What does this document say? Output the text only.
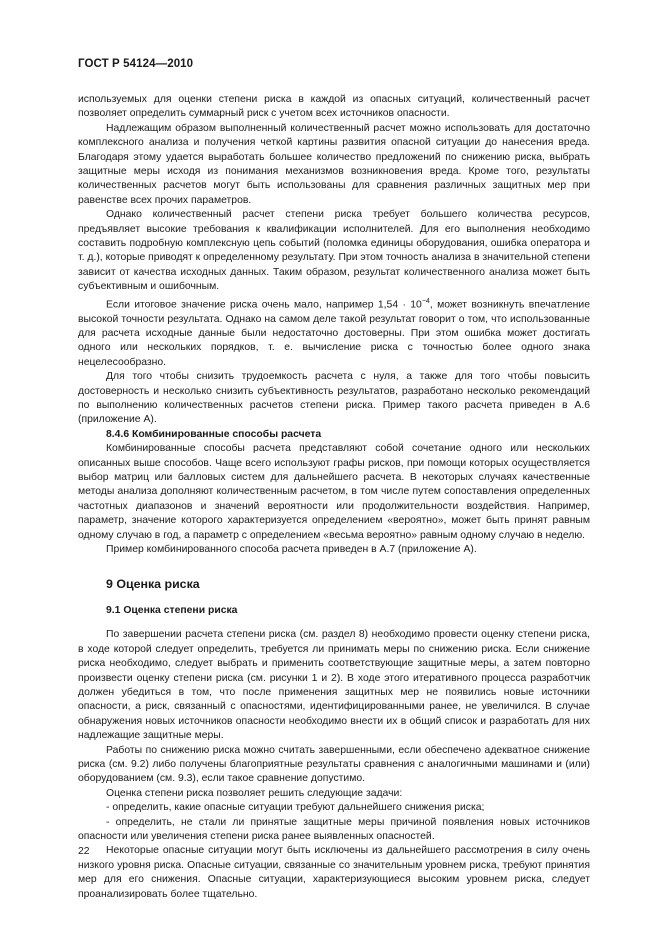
ГОСТ Р 54124—2010

используемых для оценки степени риска в каждой из опасных ситуаций, количественный расчет позволяет определить суммарный риск с учетом всех источников опасности.

Надлежащим образом выполненный количественный расчет можно использовать для достаточно комплексного анализа и получения четкой картины развития опасной ситуации до нанесения вреда. Благодаря этому удается выработать большее количество предложений по снижению риска, выбрать защитные меры исходя из понимания механизмов возникновения вреда. Кроме того, результаты количественных расчетов могут быть использованы для сравнения различных защитных мер при равенстве всех прочих параметров.

Однако количественный расчет степени риска требует большего количества ресурсов, предъявляет высокие требования к квалификации исполнителей. Для его выполнения необходимо составить подробную комплексную цепь событий (поломка единицы оборудования, ошибка оператора и т. д.), которые приводят к определенному результату. При этом точность анализа в значительной степени зависит от качества исходных данных. Таким образом, результат количественного анализа может быть субъективным и ошибочным.

Если итоговое значение риска очень мало, например $1,54 \cdot 10^{-4}$, может возникнуть впечатление высокой точности результата. Однако на самом деле такой результат говорит о том, что использованные для расчета исходные данные были недостаточно достоверны. При этом ошибка может достигать одного или нескольких порядков, т. е. вычисление риска с точностью более одного знака нецелесообразно.

Для того чтобы снизить трудоемкость расчета с нуля, а также для того чтобы повысить достоверность и несколько снизить субъективность результатов, разработано несколько рекомендаций по выполнению количественных расчетов степени риска. Пример такого расчета приведен в А.6 (приложение А).

8.4.6 Комбинированные способы расчета

Комбинированные способы расчета представляют собой сочетание одного или нескольких описанных выше способов. Чаще всего используют графы рисков, при помощи которых осуществляется выбор матриц или балловых систем для дальнейшего расчета. В некоторых случаях качественные методы анализа дополняют количественным расчетом, в том числе путем сопоставления определенных частотных диапазонов и значений вероятности или продолжительности воздействия. Например, параметр, значение которого характеризуется определением «вероятно», может быть принят равным одному случаю в год, а параметр с определением «весьма вероятно» равным одному случаю в неделю.

Пример комбинированного способа расчета приведен в А.7 (приложение А).

9 Оценка риска

9.1 Оценка степени риска

По завершении расчета степени риска (см. раздел 8) необходимо провести оценку степени риска, в ходе которой следует определить, требуется ли принимать меры по снижению риска. Если снижение риска необходимо, следует выбрать и применить соответствующие защитные меры, а затем повторно произвести оценку степени риска (см. рисунки 1 и 2). В ходе этого итеративного процесса разработчик должен убедиться в том, что после применения защитных мер не появились новые источники опасности, а риск, связанный с опасностями, идентифицированными ранее, не увеличился. В случае обнаружения новых источников опасности необходимо внести их в общий список и разработать для них надлежащие защитные меры.

Работы по снижению риска можно считать завершенными, если обеспечено адекватное снижение риска (см. 9.2) либо получены благоприятные результаты сравнения с аналогичными машинами и (или) оборудованием (см. 9.3), если такое сравнение допустимо.

Оценка степени риска позволяет решить следующие задачи:

- определить, какие опасные ситуации требуют дальнейшего снижения риска;

- определить, не стали ли принятые защитные меры причиной появления новых источников опасности или увеличения степени риска ранее выявленных опасностей.

Некоторые опасные ситуации могут быть исключены из дальнейшего рассмотрения в силу очень низкого уровня риска. Опасные ситуации, связанные со значительным уровнем риска, требуют принятия мер для его снижения. Опасные ситуации, характеризующиеся высоким уровнем риска, следует проанализировать более тщательно.

22
